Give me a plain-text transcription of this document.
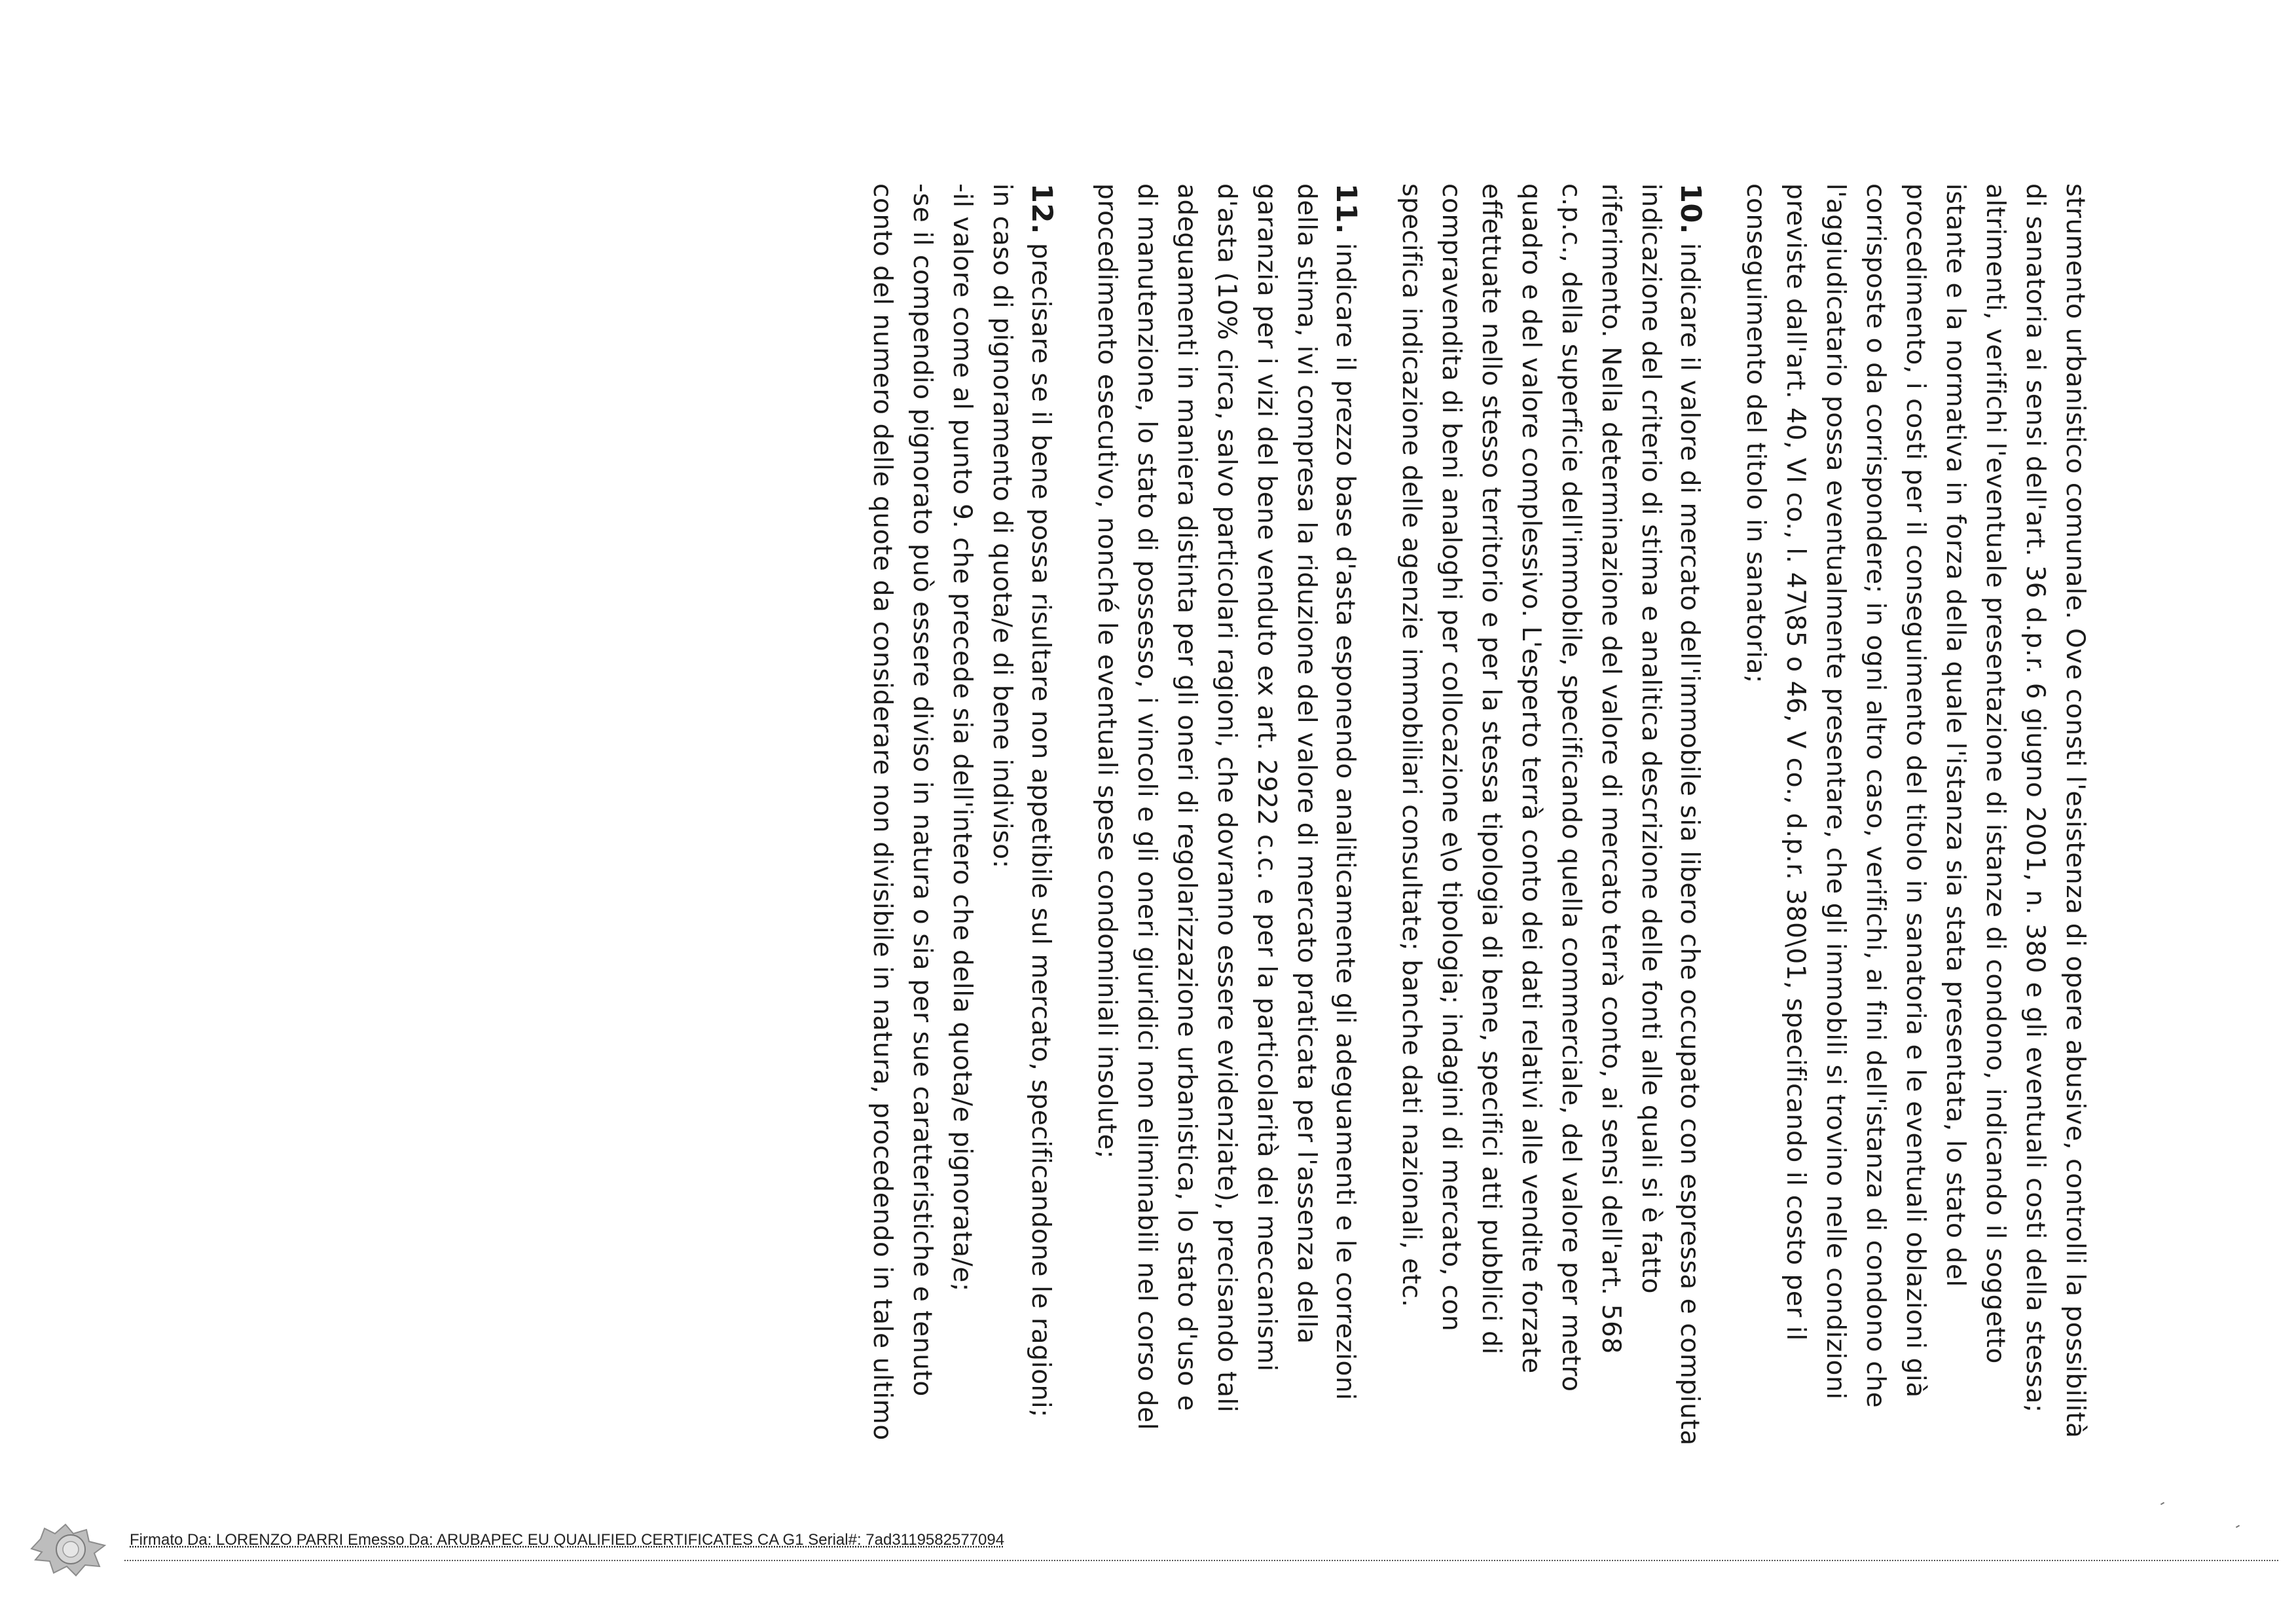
strumento urbanistico comunale. Ove consti l'esistenza di opere abusive, controlli la possibilità
di sanatoria ai sensi dell'art. 36 d.p.r. 6 giugno 2001, n. 380 e gli eventuali costi della stessa;
altrimenti, verifichi l'eventuale presentazione di istanze di condono, indicando il soggetto
istante e la normativa in forza della quale l'istanza sia stata presentata, lo stato del
procedimento, i costi per il conseguimento del titolo in sanatoria e le eventuali oblazioni già
corrisposte o da corrispondere; in ogni altro caso, verifichi, ai fini dell'istanza di condono che
l'aggiudicatario possa eventualmente presentare, che gli immobili si trovino nelle condizioni
previste dall'art. 40, VI co., l. 47\85 o 46, V co., d.p.r. 380\01, specificando il costo per il
conseguimento del titolo in sanatoria;
10. indicare il valore di mercato dell'immobile sia libero che occupato con espressa e compiuta
indicazione del criterio di stima e analitica descrizione delle fonti alle quali si è fatto
riferimento. Nella determinazione del valore di mercato terrà conto, ai sensi dell'art. 568
c.p.c., della superficie dell'immobile, specificando quella commerciale, del valore per metro
quadro e del valore complessivo. L'esperto terrà conto dei dati relativi alle vendite forzate
effettuate nello stesso territorio e per la stessa tipologia di bene, specifici atti pubblici di
compravendita di beni analoghi per collocazione e\o tipologia; indagini di mercato, con
specifica indicazione delle agenzie immobiliari consultate; banche dati nazionali, etc.
11. indicare il prezzo base d'asta esponendo analiticamente gli adeguamenti e le correzioni
della stima, ivi compresa la riduzione del valore di mercato praticata per l'assenza della
garanzia per i vizi del bene venduto ex art. 2922 c.c. e per la particolarità dei meccanismi
d'asta (10% circa, salvo particolari ragioni, che dovranno essere evidenziate), precisando tali
adeguamenti in maniera distinta per gli oneri di regolarizzazione urbanistica, lo stato d'uso e
di manutenzione, lo stato di possesso, i vincoli e gli oneri giuridici non eliminabili nel corso del
procedimento esecutivo, nonché le eventuali spese condominiali insolute;
12. precisare se il bene possa risultare non appetibile sul mercato, specificandone le ragioni;
in caso di pignoramento di quota/e di bene indiviso:
-il valore come al punto 9. che precede sia dell'intero che della quota/e pignorata/e;
-se il compendio pignorato può essere diviso in natura o sia per sue caratteristiche e tenuto
conto del numero delle quote da considerare non divisibile in natura, procedendo in tale ultimo
Firmato Da: LORENZO PARRI Emesso Da: ARUBAPEC EU QUALIFIED CERTIFICATES CA G1 Serial#: 7ad3119582577094
